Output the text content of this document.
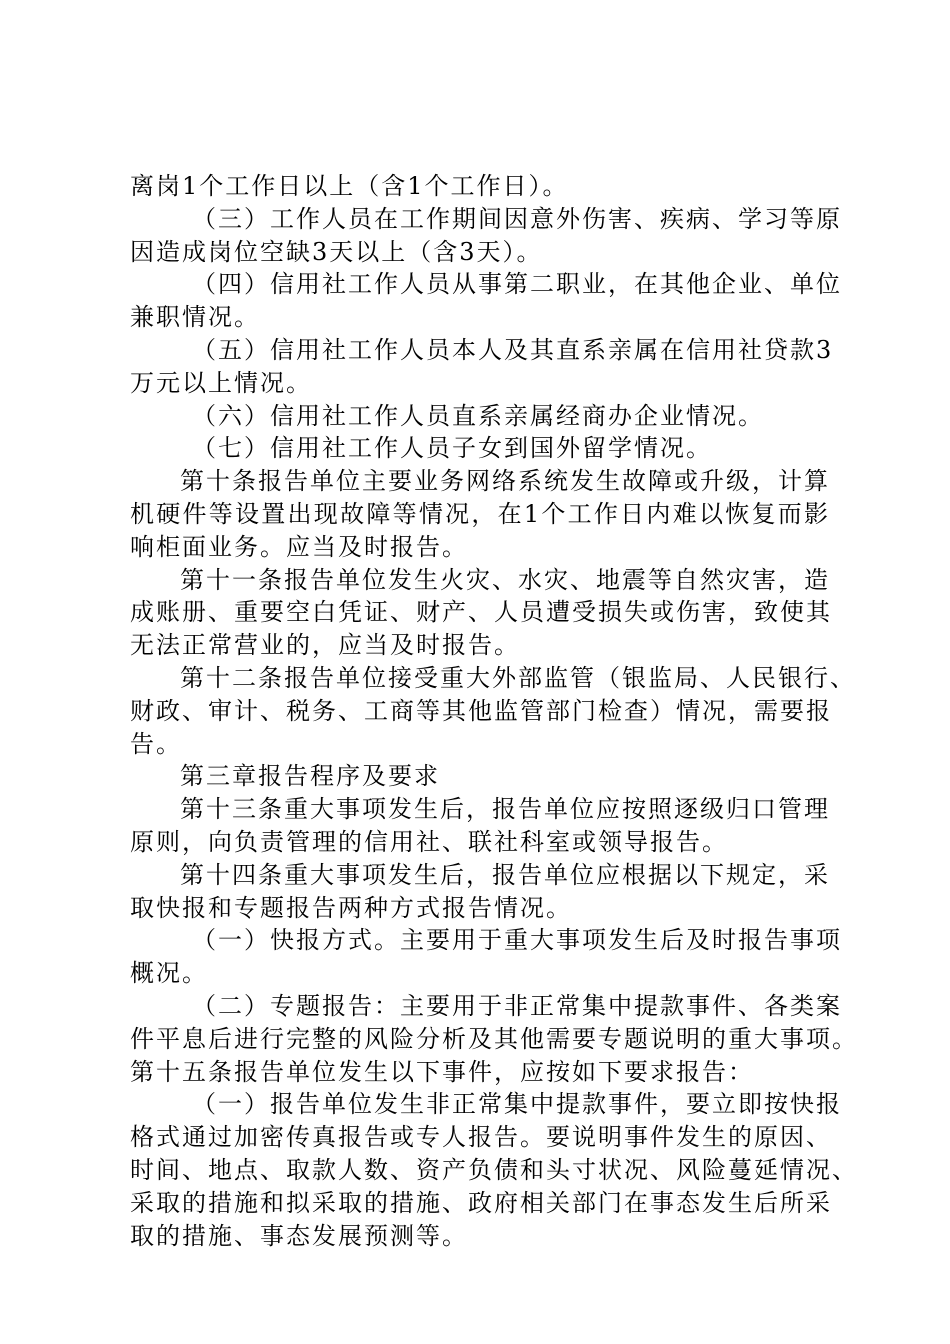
离岗1个工作日以上（含1个工作日）。
（三）工作人员在工作期间因意外伤害、疾病、学习等原
因造成岗位空缺3天以上（含3天）。
（四）信用社工作人员从事第二职业，在其他企业、单位
兼职情况。
（五）信用社工作人员本人及其直系亲属在信用社贷款3
万元以上情况。
（六）信用社工作人员直系亲属经商办企业情况。
（七）信用社工作人员子女到国外留学情况。
第十条报告单位主要业务网络系统发生故障或升级，计算
机硬件等设置出现故障等情况，在1个工作日内难以恢复而影
响柜面业务。应当及时报告。
第十一条报告单位发生火灾、水灾、地震等自然灾害，造
成账册、重要空白凭证、财产、人员遭受损失或伤害，致使其
无法正常营业的，应当及时报告。
第十二条报告单位接受重大外部监管（银监局、人民银行、
财政、审计、税务、工商等其他监管部门检查）情况，需要报
告。
第三章报告程序及要求
第十三条重大事项发生后，报告单位应按照逐级归口管理
原则，向负责管理的信用社、联社科室或领导报告。
第十四条重大事项发生后，报告单位应根据以下规定，采
取快报和专题报告两种方式报告情况。
（一）快报方式。主要用于重大事项发生后及时报告事项
概况。
（二）专题报告：主要用于非正常集中提款事件、各类案
件平息后进行完整的风险分析及其他需要专题说明的重大事项。
第十五条报告单位发生以下事件，应按如下要求报告：
（一）报告单位发生非正常集中提款事件，要立即按快报
格式通过加密传真报告或专人报告。要说明事件发生的原因、
时间、地点、取款人数、资产负债和头寸状况、风险蔓延情况、
采取的措施和拟采取的措施、政府相关部门在事态发生后所采
取的措施、事态发展预测等。
